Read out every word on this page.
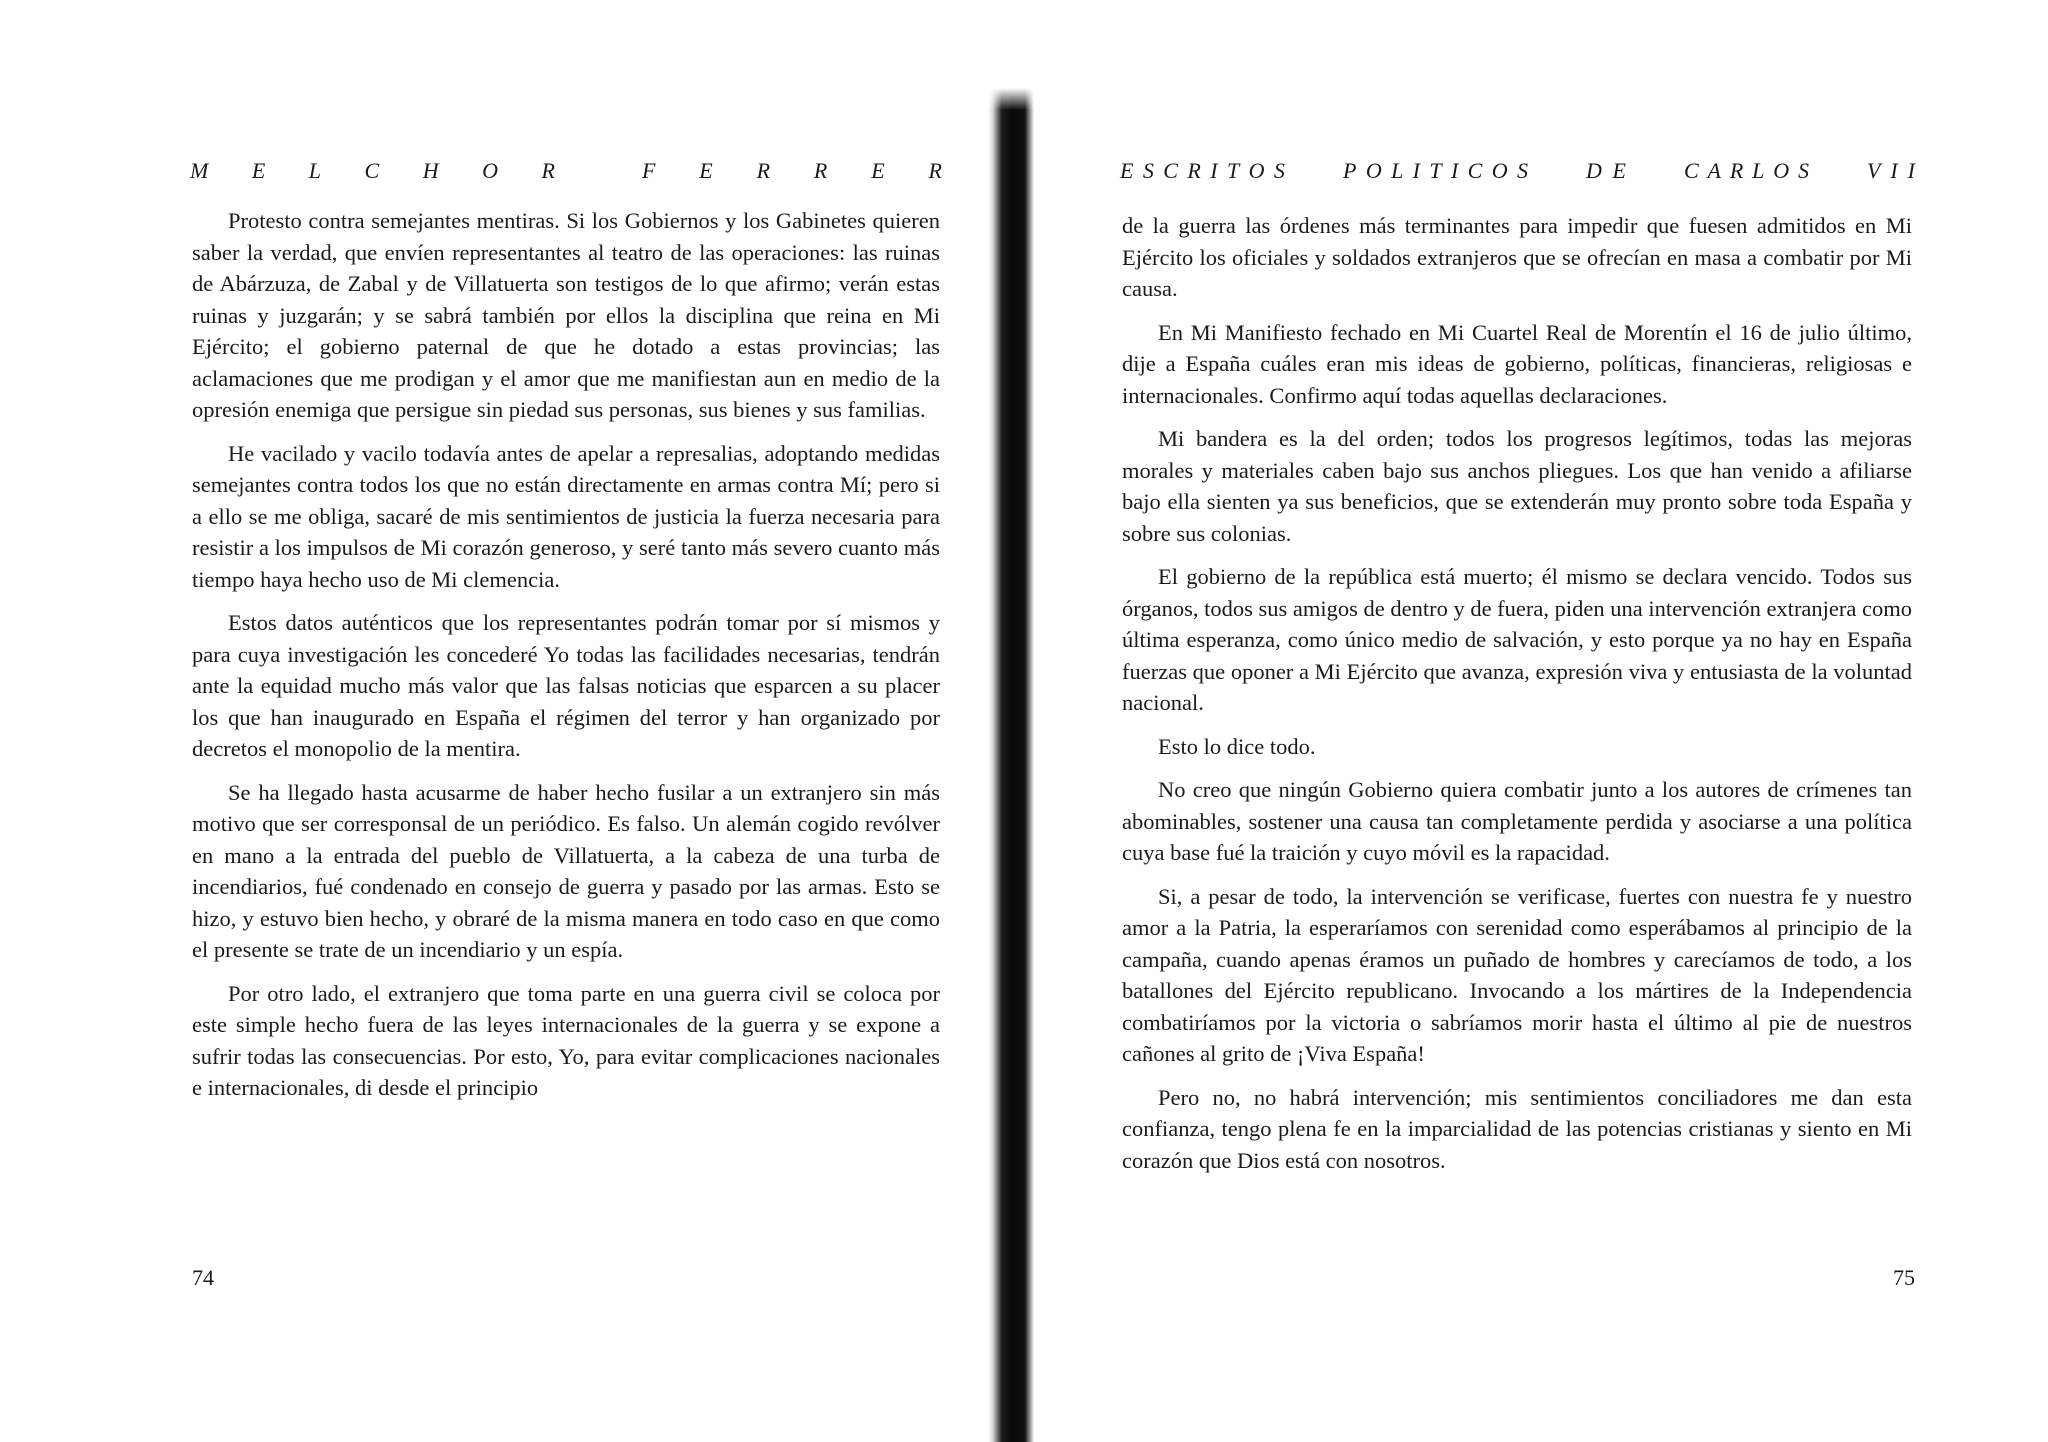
M E L C H O R	F E R R E R

Protesto contra semejantes mentiras. Si los Gobiernos y los Gabinetes quieren saber la verdad, que envíen representantes al teatro de las operaciones: las ruinas de Abárzuza, de Zabal y de Villatuerta son testigos de lo que afirmo; verán estas ruinas y juzgarán; y se sabrá también por ellos la disciplina que reina en Mi Ejército; el gobierno paternal de que he dotado a estas provincias; las aclamaciones que me prodigan y el amor que me manifiestan aun en medio de la opresión enemiga que persigue sin piedad sus personas, sus bienes y sus familias.

He vacilado y vacilo todavía antes de apelar a represalias, adoptando medidas semejantes contra todos los que no están directamente en armas contra Mí; pero si a ello se me obliga, sacaré de mis sentimientos de justicia la fuerza necesaria para resistir a los impulsos de Mi corazón generoso, y seré tanto más severo cuanto más tiempo haya hecho uso de Mi clemencia.

Estos datos auténticos que los representantes podrán tomar por sí mismos y para cuya investigación les concederé Yo todas las facilidades necesarias, tendrán ante la equidad mucho más valor que las falsas noticias que esparcen a su placer los que han inaugurado en España el régimen del terror y han organizado por decretos el monopolio de la mentira.

Se ha llegado hasta acusarme de haber hecho fusilar a un extranjero sin más motivo que ser corresponsal de un periódico. Es falso. Un alemán cogido revólver en mano a la entrada del pueblo de Villatuerta, a la cabeza de una turba de incendiarios, fué condenado en consejo de guerra y pasado por las armas. Esto se hizo, y estuvo bien hecho, y obraré de la misma manera en todo caso en que como el presente se trate de un incendiario y un espía.

Por otro lado, el extranjero que toma parte en una guerra civil se coloca por este simple hecho fuera de las leyes internacionales de la guerra y se expone a sufrir todas las consecuencias. Por esto, Yo, para evitar complicaciones nacionales e internacionales, di desde el principio

74
E S C R I T O S	P O L I T I C O S	D E	C A R L O S	V I I

de la guerra las órdenes más terminantes para impedir que fuesen admitidos en Mi Ejército los oficiales y soldados extranjeros que se ofrecían en masa a combatir por Mi causa.

En Mi Manifiesto fechado en Mi Cuartel Real de Morentín el 16 de julio último, dije a España cuáles eran mis ideas de gobierno, políticas, financieras, religiosas e internacionales. Confirmo aquí todas aquellas declaraciones.

Mi bandera es la del orden; todos los progresos legítimos, todas las mejoras morales y materiales caben bajo sus anchos pliegues. Los que han venido a afiliarse bajo ella sienten ya sus beneficios, que se extenderán muy pronto sobre toda España y sobre sus colonias.

El gobierno de la república está muerto; él mismo se declara vencido. Todos sus órganos, todos sus amigos de dentro y de fuera, piden una intervención extranjera como última esperanza, como único medio de salvación, y esto porque ya no hay en España fuerzas que oponer a Mi Ejército que avanza, expresión viva y entusiasta de la voluntad nacional.

Esto lo dice todo.

No creo que ningún Gobierno quiera combatir junto a los autores de crímenes tan abominables, sostener una causa tan completamente perdida y asociarse a una política cuya base fué la traición y cuyo móvil es la rapacidad.

Si, a pesar de todo, la intervención se verificase, fuertes con nuestra fe y nuestro amor a la Patria, la esperaríamos con serenidad como esperábamos al principio de la campaña, cuando apenas éramos un puñado de hombres y carecíamos de todo, a los batallones del Ejército republicano. Invocando a los mártires de la Independencia combatiríamos por la victoria o sabríamos morir hasta el último al pie de nuestros cañones al grito de ¡Viva España!

Pero no, no habrá intervención; mis sentimientos conciliadores me dan esta confianza, tengo plena fe en la imparcialidad de las potencias cristianas y siento en Mi corazón que Dios está con nosotros.

75
